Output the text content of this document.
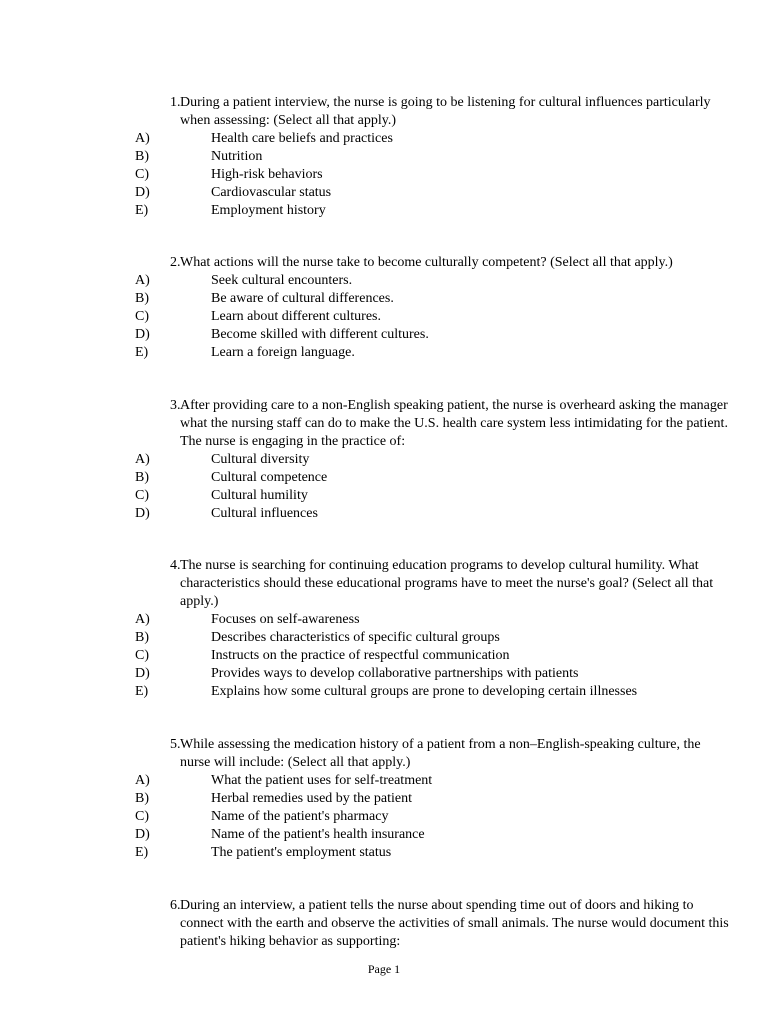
1. During a patient interview, the nurse is going to be listening for cultural influences particularly when assessing: (Select all that apply.)
A)	Health care beliefs and practices
B)	Nutrition
C)	High-risk behaviors
D)	Cardiovascular status
E)	Employment history
2. What actions will the nurse take to become culturally competent? (Select all that apply.)
A)	Seek cultural encounters.
B)	Be aware of cultural differences.
C)	Learn about different cultures.
D)	Become skilled with different cultures.
E)	Learn a foreign language.
3. After providing care to a non-English speaking patient, the nurse is overheard asking the manager what the nursing staff can do to make the U.S. health care system less intimidating for the patient. The nurse is engaging in the practice of:
A)	Cultural diversity
B)	Cultural competence
C)	Cultural humility
D)	Cultural influences
4. The nurse is searching for continuing education programs to develop cultural humility. What characteristics should these educational programs have to meet the nurse's goal? (Select all that apply.)
A)	Focuses on self-awareness
B)	Describes characteristics of specific cultural groups
C)	Instructs on the practice of respectful communication
D)	Provides ways to develop collaborative partnerships with patients
E)	Explains how some cultural groups are prone to developing certain illnesses
5. While assessing the medication history of a patient from a non–English-speaking culture, the nurse will include: (Select all that apply.)
A)	What the patient uses for self-treatment
B)	Herbal remedies used by the patient
C)	Name of the patient's pharmacy
D)	Name of the patient's health insurance
E)	The patient's employment status
6. During an interview, a patient tells the nurse about spending time out of doors and hiking to connect with the earth and observe the activities of small animals. The nurse would document this patient's hiking behavior as supporting:
Page 1
